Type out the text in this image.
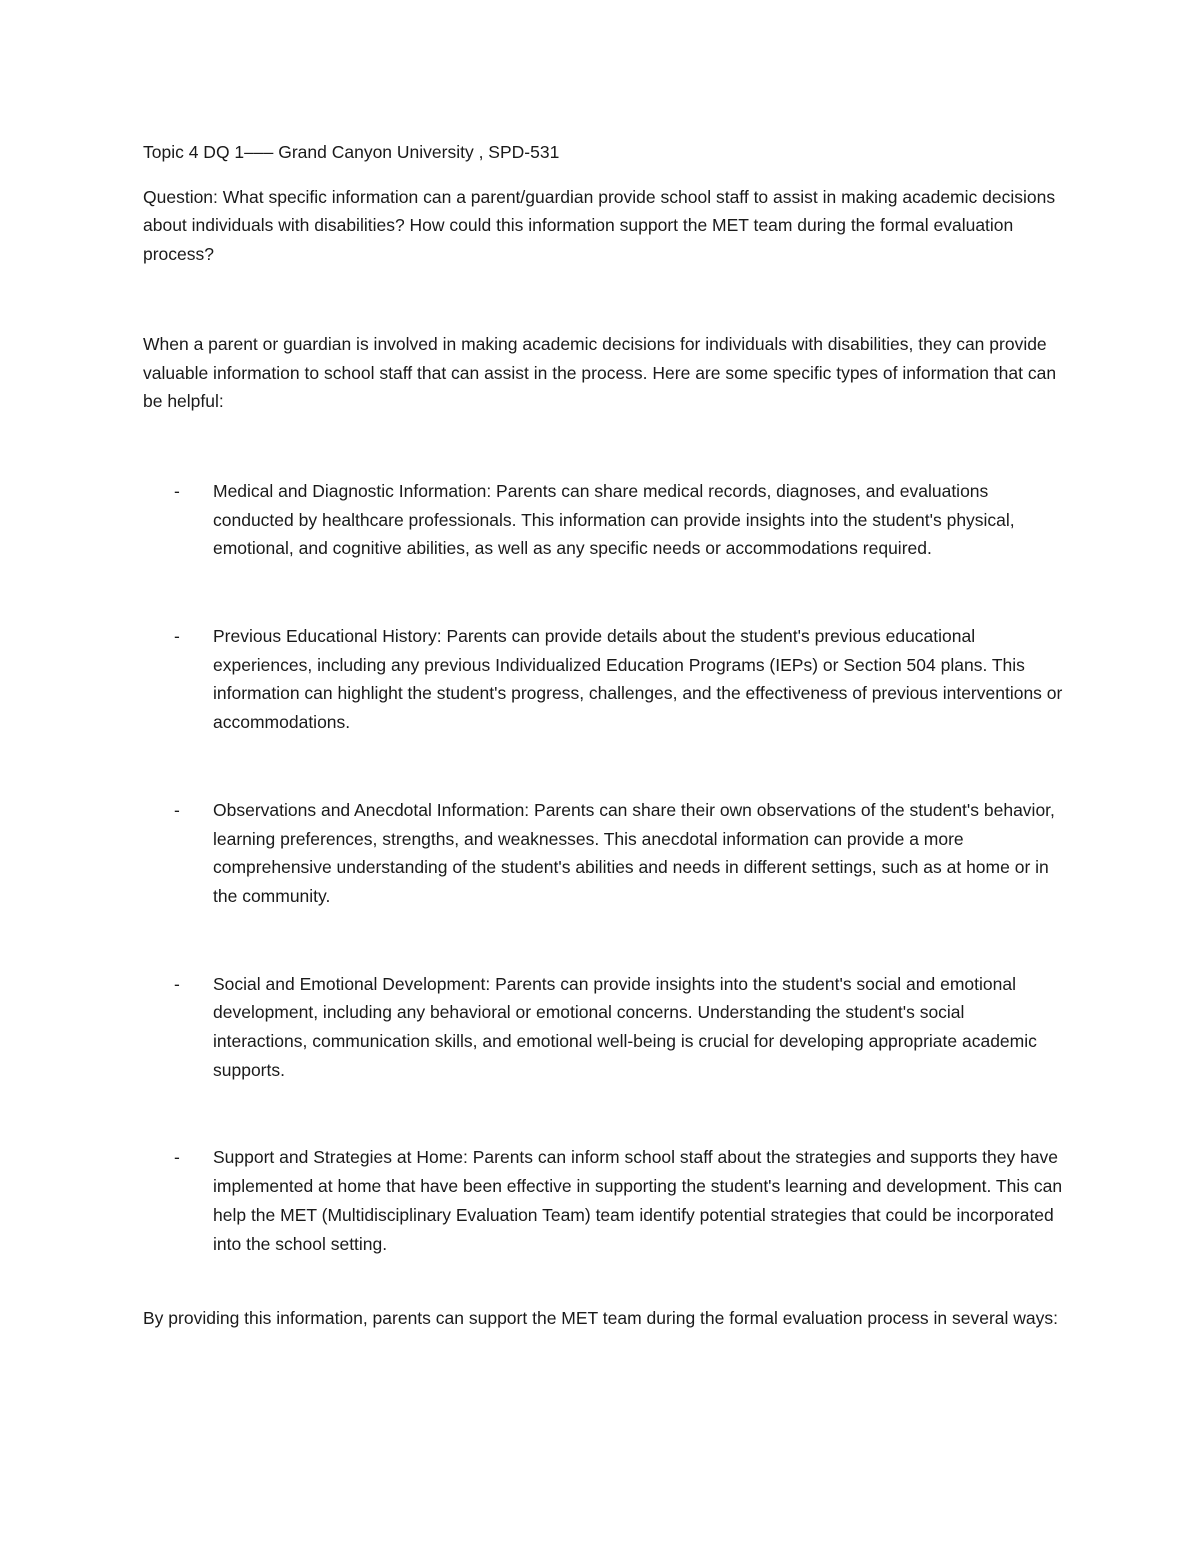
Topic 4 DQ 1––– Grand Canyon University , SPD-531

Question: What specific information can a parent/guardian provide school staff to assist in making academic decisions about individuals with disabilities? How could this information support the MET team during the formal evaluation process?

When a parent or guardian is involved in making academic decisions for individuals with disabilities, they can provide valuable information to school staff that can assist in the process. Here are some specific types of information that can be helpful:

- Medical and Diagnostic Information: Parents can share medical records, diagnoses, and evaluations conducted by healthcare professionals. This information can provide insights into the student's physical, emotional, and cognitive abilities, as well as any specific needs or accommodations required.
- Previous Educational History: Parents can provide details about the student's previous educational experiences, including any previous Individualized Education Programs (IEPs) or Section 504 plans. This information can highlight the student's progress, challenges, and the effectiveness of previous interventions or accommodations.
- Observations and Anecdotal Information: Parents can share their own observations of the student's behavior, learning preferences, strengths, and weaknesses. This anecdotal information can provide a more comprehensive understanding of the student's abilities and needs in different settings, such as at home or in the community.
- Social and Emotional Development: Parents can provide insights into the student's social and emotional development, including any behavioral or emotional concerns. Understanding the student's social interactions, communication skills, and emotional well-being is crucial for developing appropriate academic supports.
- Support and Strategies at Home: Parents can inform school staff about the strategies and supports they have implemented at home that have been effective in supporting the student's learning and development. This can help the MET (Multidisciplinary Evaluation Team) team identify potential strategies that could be incorporated into the school setting.

By providing this information, parents can support the MET team during the formal evaluation process in several ways:
